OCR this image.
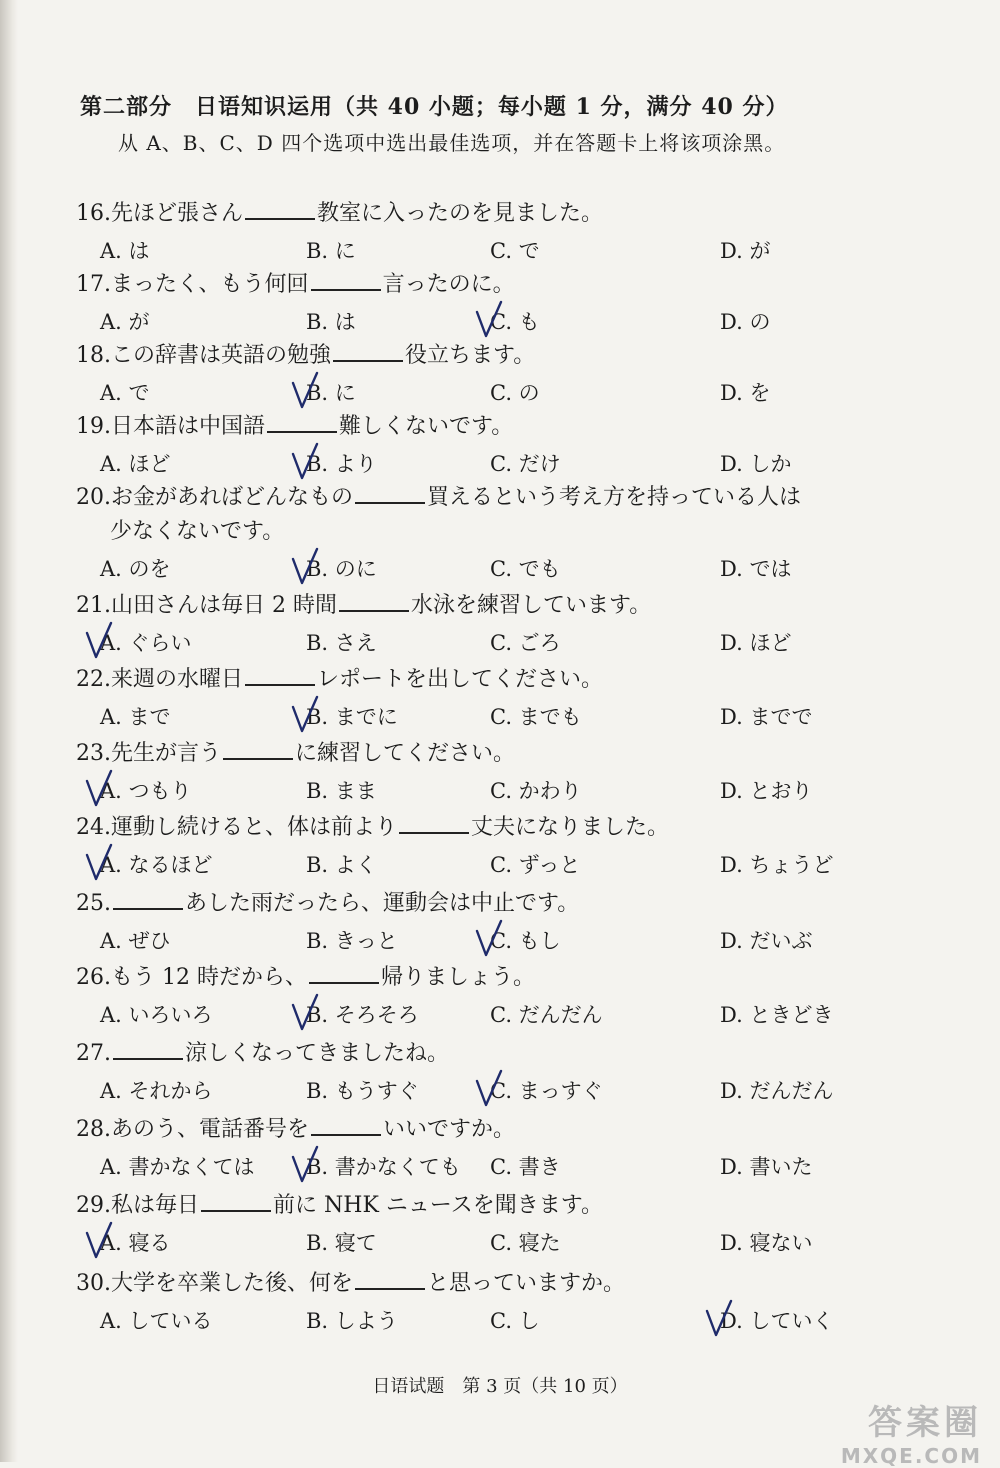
第二部分　日语知识运用（共 40 小题；每小题 1 分，满分 40 分）
从 A、B、C、D 四个选项中选出最佳选项，并在答题卡上将该项涂黑。
16.先ほど張さん	教室に入ったのを見ました。
A. は	B. に	C. で	D. が
17.まったく、もう何回	言ったのに。
A. が	B. は	C. も	D. の
18.この辞書は英語の勉強	役立ちます。
A. で	B. に	C. の	D. を
19.日本語は中国語	難しくないです。
A. ほど	B. より	C. だけ	D. しか
20.お金があればどんなもの	買えるという考え方を持っている人は
少なくないです。
A. のを	B. のに	C. でも	D. では
21.山田さんは毎日 2 時間	水泳を練習しています。
A. ぐらい	B. さえ	C. ごろ	D. ほど
22.来週の水曜日	レポートを出してください。
A. まで	B. までに	C. までも	D. までで
23.先生が言う	に練習してください。
A. つもり	B. まま	C. かわり	D. とおり
24.運動し続けると、体は前より	丈夫になりました。
A. なるほど	B. よく	C. ずっと	D. ちょうど
25.	あした雨だったら、運動会は中止です。
A. ぜひ	B. きっと	C. もし	D. だいぶ
26.もう 12 時だから、	帰りましょう。
A. いろいろ	B. そろそろ	C. だんだん	D. ときどき
27.	涼しくなってきましたね。
A. それから	B. もうすぐ	C. まっすぐ	D. だんだん
28.あのう、電話番号を	いいですか。
A. 書かなくては B. 書かなくても C. 書き	D. 書いた
29.私は毎日	前に NHK ニュースを聞きます。
A. 寝る	B. 寝て	C. 寝た	D. 寝ない
30.大学を卒業した後、何を	と思っていますか。
A. している	B. しよう	C. し	D. していく
日语试题　第 3 页（共 10 页）
答案圈
MXQE.COM
